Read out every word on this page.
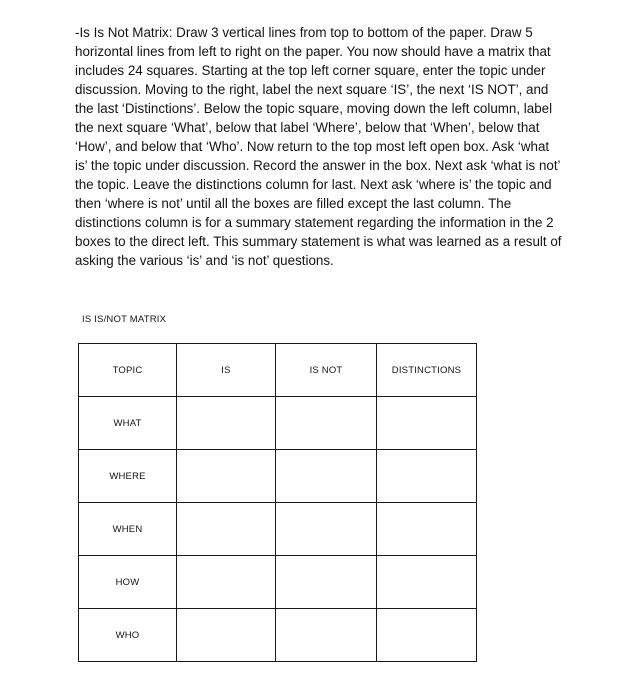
-Is Is Not Matrix: Draw 3 vertical lines from top to bottom of the paper. Draw 5 horizontal lines from left to right on the paper. You now should have a matrix that includes 24 squares. Starting at the top left corner square, enter the topic under discussion. Moving to the right, label the next square ‘IS’, the next ‘IS NOT’, and the last ‘Distinctions’. Below the topic square, moving down the left column, label the next square ‘What’, below that label ‘Where’, below that ‘When’, below that ‘How’, and below that ‘Who’. Now return to the top most left open box. Ask ‘what is’ the topic under discussion. Record the answer in the box. Next ask ‘what is not’ the topic. Leave the distinctions column for last. Next ask ‘where is’ the topic and then ‘where is not’ until all the boxes are filled except the last column. The distinctions column is for a summary statement regarding the information in the 2 boxes to the direct left. This summary statement is what was learned as a result of asking the various ‘is’ and ‘is not’ questions.

IS IS/NOT MATRIX
TOPIC	IS	IS NOT	DISTINCTIONS
WHAT			
WHERE			
WHEN			
HOW			
WHO			
